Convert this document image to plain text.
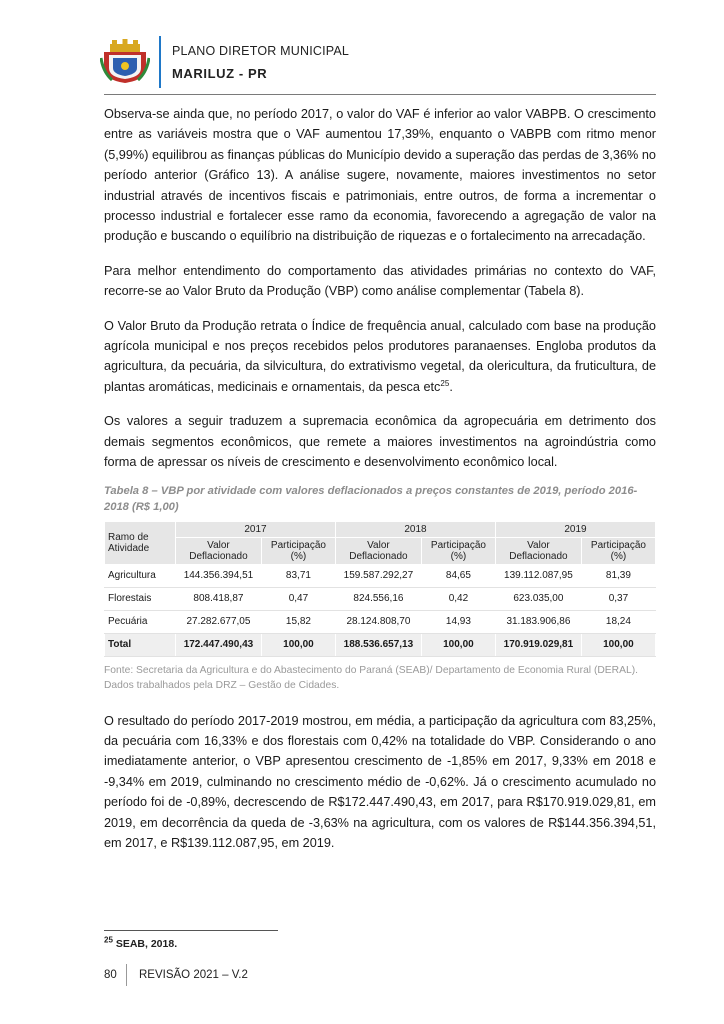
PLANO DIRETOR MUNICIPAL
MARILUZ - PR

Observa-se ainda que, no período 2017, o valor do VAF é inferior ao valor VABPB. O crescimento entre as variáveis mostra que o VAF aumentou 17,39%, enquanto o VABPB com ritmo menor (5,99%) equilibrou as finanças públicas do Município devido a superação das perdas de 3,36% no período anterior (Gráfico 13). A análise sugere, novamente, maiores investimentos no setor industrial através de incentivos fiscais e patrimoniais, entre outros, de forma a incrementar o processo industrial e fortalecer esse ramo da economia, favorecendo a agregação de valor na produção e buscando o equilíbrio na distribuição de riquezas e o fortalecimento na arrecadação.

Para melhor entendimento do comportamento das atividades primárias no contexto do VAF, recorre-se ao Valor Bruto da Produção (VBP) como análise complementar (Tabela 8).

O Valor Bruto da Produção retrata o Índice de frequência anual, calculado com base na produção agrícola municipal e nos preços recebidos pelos produtores paranaenses. Engloba produtos da agricultura, da pecuária, da silvicultura, do extrativismo vegetal, da olericultura, da fruticultura, de plantas aromáticas, medicinais e ornamentais, da pesca etc$^{25}$.

Os valores a seguir traduzem a supremacia econômica da agropecuária em detrimento dos demais segmentos econômicos, que remete a maiores investimentos na agroindústria como forma de apressar os níveis de crescimento e desenvolvimento econômico local.

Tabela 8 – VBP por atividade com valores deflacionados a preços constantes de 2019, período 2016-2018 (R$ 1,00)
Ramo de Atividade	2017		2018		2019	
	Valor Deflacionado	Participação (%)	Valor Deflacionado	Participação (%)	Valor Deflacionado	Participação (%)
Agricultura	144.356.394,51	83,71	159.587.292,27	84,65	139.112.087,95	81,39
Florestais	808.418,87	0,47	824.556,16	0,42	623.035,00	0,37
Pecuária	27.282.677,05	15,82	28.124.808,70	14,93	31.183.906,86	18,24
Total	172.447.490,43	100,00	188.536.657,13	100,00	170.919.029,81	100,00
Fonte: Secretaria da Agricultura e do Abastecimento do Paraná (SEAB)/ Departamento de Economia Rural (DERAL). Dados trabalhados pela DRZ – Gestão de Cidades.

O resultado do período 2017-2019 mostrou, em média, a participação da agricultura com 83,25%, da pecuária com 16,33% e dos florestais com 0,42% na totalidade do VBP. Considerando o ano imediatamente anterior, o VBP apresentou crescimento de -1,85% em 2017, 9,33% em 2018 e -9,34% em 2019, culminando no crescimento médio de -0,62%. Já o crescimento acumulado no período foi de -0,89%, decrescendo de R$172.447.490,43, em 2017, para R$170.919.029,81, em 2019, em decorrência da queda de -3,63% na agricultura, com os valores de R$144.356.394,51, em 2017, e R$139.112.087,95, em 2019.

$^{25}$ SEAB, 2018.
80 REVISÃO 2021 – V.2
